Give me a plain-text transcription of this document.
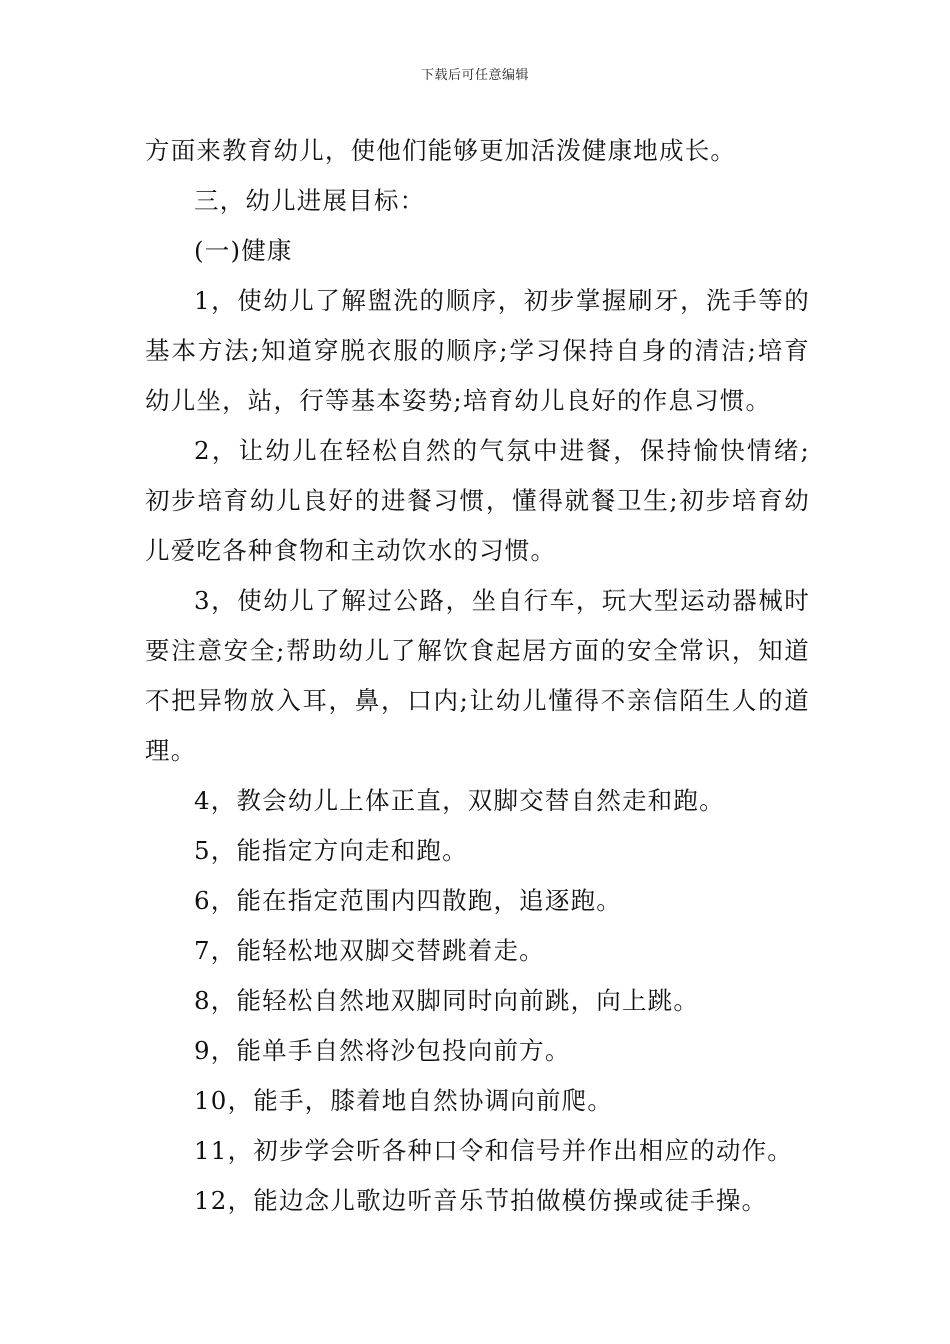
下载后可任意编辑

方面来教育幼儿，使他们能够更加活泼健康地成长。

三，幼儿进展目标：

(一)健康

1，使幼儿了解盥洗的顺序，初步掌握刷牙，洗手等的基本方法;知道穿脱衣服的顺序;学习保持自身的清洁;培育幼儿坐，站，行等基本姿势;培育幼儿良好的作息习惯。

2，让幼儿在轻松自然的气氛中进餐，保持愉快情绪;初步培育幼儿良好的进餐习惯，懂得就餐卫生;初步培育幼儿爱吃各种食物和主动饮水的习惯。

3，使幼儿了解过公路，坐自行车，玩大型运动器械时要注意安全;帮助幼儿了解饮食起居方面的安全常识，知道不把异物放入耳，鼻，口内;让幼儿懂得不亲信陌生人的道理。

4，教会幼儿上体正直，双脚交替自然走和跑。

5，能指定方向走和跑。

6，能在指定范围内四散跑，追逐跑。

7，能轻松地双脚交替跳着走。

8，能轻松自然地双脚同时向前跳，向上跳。

9，能单手自然将沙包投向前方。

10，能手，膝着地自然协调向前爬。

11，初步学会听各种口令和信号并作出相应的动作。

12，能边念儿歌边听音乐节拍做模仿操或徒手操。
